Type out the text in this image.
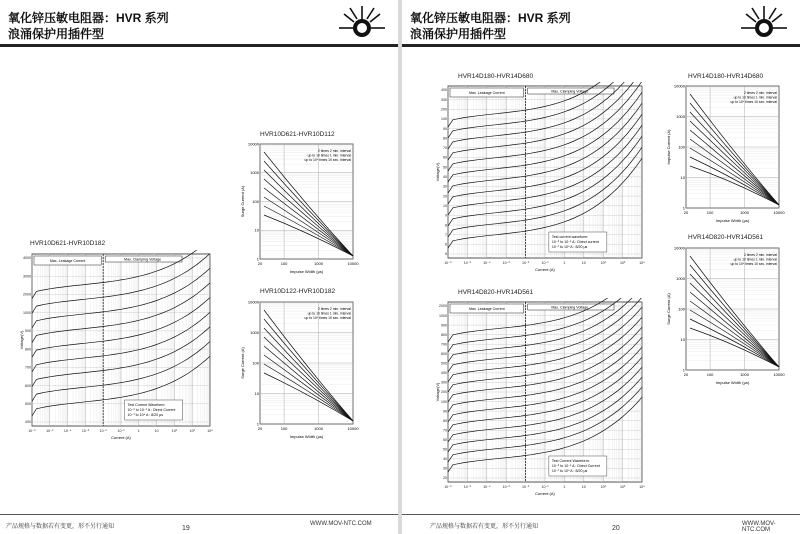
氧化锌压敏电阻器：HVR 系列
浪涌保护用插件型
HVR10D621-HVR10D182
10⁻⁶	10⁻⁵	10⁻⁴	10⁻³	10⁻²	10⁻¹	1	10	10²	10³	10⁴
4000
3000
2000
1000
900
800
700
600
500
400
Max. Leakage Current	Max. Clamping Voltage
Test Current Waveform:
10⁻⁶ to 10⁻¹ A : Direct Current
10⁻¹ to 10⁴ A : 8/20 μs
Current (A)
Voltage(V)
HVR10D621-HVR10D112
10000
1000
100
10
1
20	100	1000	10000
2 times 2 min. interval
up to 10 times 1 min. interval
up to 10⁶ times 10 sec. interval
Impulse Width (μs)
Surge Current (A)
HVR10D122-HVR10D182
10000
1000
100
10
1
20	100	1000	10000
2 times 2 min. interval
up to 10 times 1 min. interval
up to 10⁶ times 10 sec. interval
Impulse Width (μs)
Surge Current (A)
产品规格与数据若有变更，形不另行通知	19
WWW.MOV-NTC.COM
氧化锌压敏电阻器：HVR 系列
浪涌保护用插件型
HVR14D180-HVR14D680
10⁻⁶	10⁻⁵	10⁻⁴	10⁻³	10⁻²	10⁻¹	1	10	10²	10³	10⁴
400
300
200
100
90
80
70
60
50
40
30
20
10
9
8
7
6
5
Max. Leakage Current	Max. Clamping Voltage
Test current waveform:
10⁻⁶ to 10⁻¹ A : Direct current
10⁻¹ to 10⁴ A : 8/20 μs
Current (A)
Voltage(V)
HVR14D820-HVR14D561
10⁻⁶	10⁻⁵	10⁻⁴	10⁻³	10⁻²	10⁻¹	1	10	10²	10³	10⁴
2000
1000
900
800
700
600
500
400
300
200
100
90
80
70
60
50
40
30
20
Max. Leakage Current	Max. Clamping Voltage
Test Current Waveform:
10⁻⁶ to 10⁻¹ A : Direct Current
10⁻¹ to 10⁴ A : 8/20 μs
Current (A)
Voltage(V)
HVR14D180-HVR14D680
10000
1000
100
10
1
20	100	1000	10000
2 times 2 min. interval
up to 10 times 1 min. interval
up to 10⁶ times 10 sec. interval
Impulse Width (μs)
Impulse Current (A)
HVR14D820-HVR14D561
10000
1000
100
10
1
20	100	1000	10000
2 times 2 min. interval
up to 10 times 1 min. interval
up to 10⁶ times 10 sec. interval
Impulse Width (μs)
Surge Current (A)
产品规格与数据若有变更，形不另行通知	20
WWW.MOV-NTC.COM
